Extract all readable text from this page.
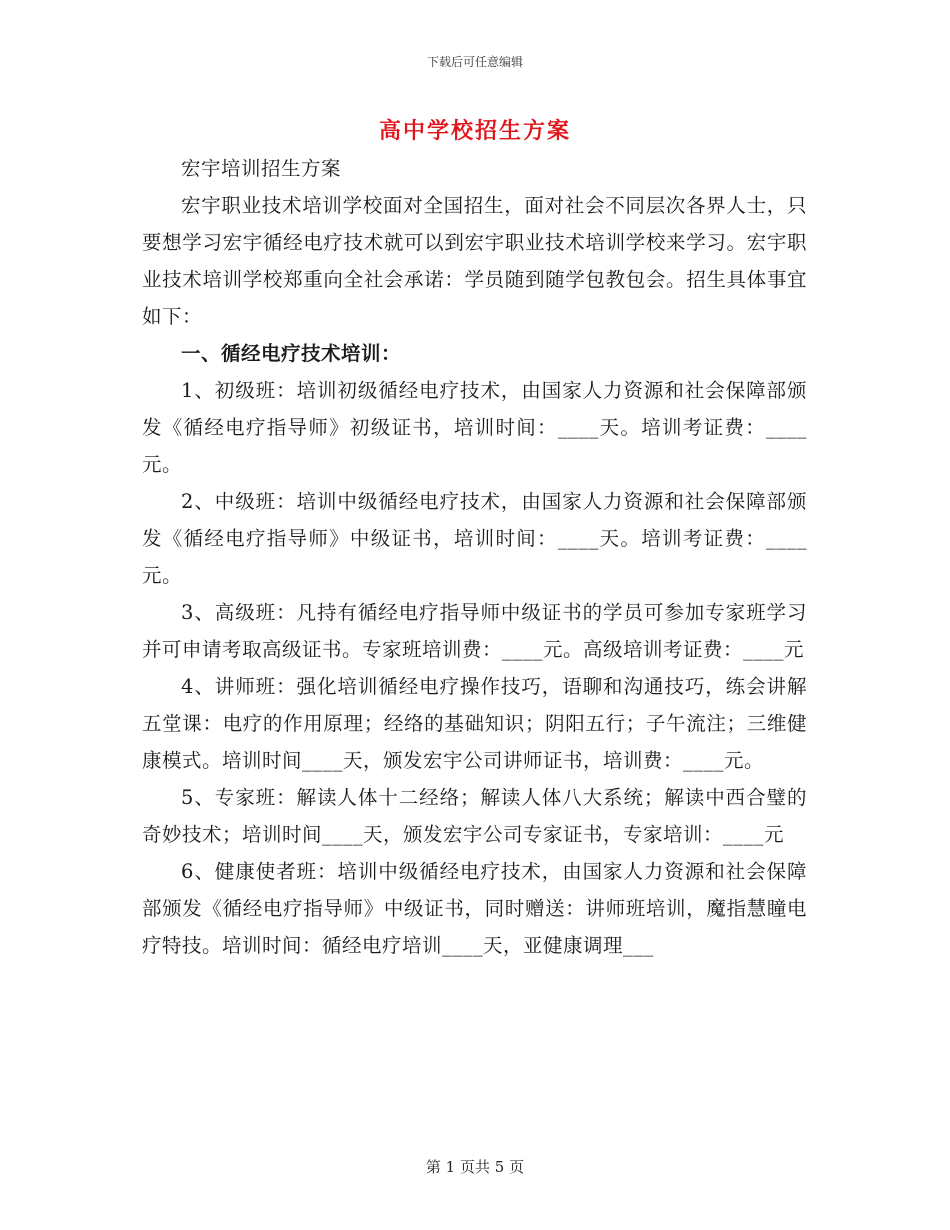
下载后可任意编辑
高中学校招生方案

宏宇培训招生方案

宏宇职业技术培训学校面对全国招生，面对社会不同层次各界人士，只要想学习宏宇循经电疗技术就可以到宏宇职业技术培训学校来学习。宏宇职业技术培训学校郑重向全社会承诺：学员随到随学包教包会。招生具体事宜如下：

一、循经电疗技术培训：

1、初级班：培训初级循经电疗技术，由国家人力资源和社会保障部颁发《循经电疗指导师》初级证书，培训时间：____天。培训考证费：____元。

2、中级班：培训中级循经电疗技术，由国家人力资源和社会保障部颁发《循经电疗指导师》中级证书，培训时间：____天。培训考证费：____元。

3、高级班：凡持有循经电疗指导师中级证书的学员可参加专家班学习并可申请考取高级证书。专家班培训费：____元。高级培训考证费：____元

4、讲师班：强化培训循经电疗操作技巧，语聊和沟通技巧，练会讲解五堂课：电疗的作用原理；经络的基础知识；阴阳五行；子午流注；三维健康模式。培训时间____天，颁发宏宇公司讲师证书，培训费：____元。

5、专家班：解读人体十二经络；解读人体八大系统；解读中西合璧的奇妙技术；培训时间____天，颁发宏宇公司专家证书，专家培训：____元

6、健康使者班：培训中级循经电疗技术，由国家人力资源和社会保障部颁发《循经电疗指导师》中级证书，同时赠送：讲师班培训，魔指慧瞳电疗特技。培训时间：循经电疗培训____天，亚健康调理___

第 1 页共 5 页
